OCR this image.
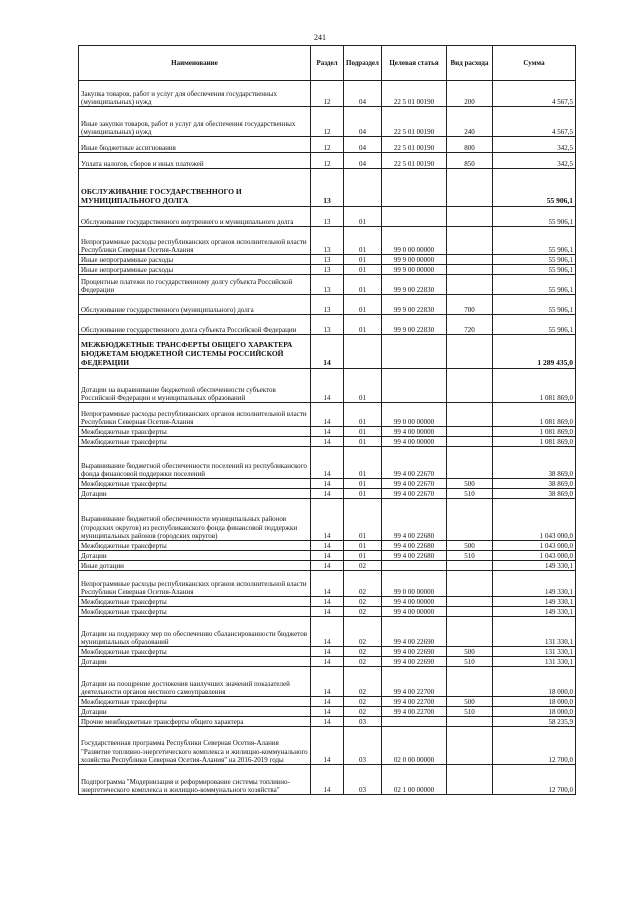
241
Наименование	Раздел	Подраздел	Целевая статья	Вид расхода	Сумма
Закупка товаров, работ и услуг для обеспечения государственных (муниципальных) нужд	12	04	22 5 01 00190	200	4 567,5
Иные закупки товаров, работ и услуг для обеспечения государственных (муниципальных) нужд	12	04	22 5 01 00190	240	4 567,5
Иные бюджетные ассигнования	12	04	22 5 01 00190	800	342,5
Уплата налогов, сборов и иных платежей	12	04	22 5 01 00190	850	342,5
ОБСЛУЖИВАНИЕ ГОСУДАРСТВЕННОГО И МУНИЦИПАЛЬНОГО ДОЛГА	13				55 906,1
Обслуживание государственного внутреннего и муниципального долга	13	01			55 906,1
Непрограммные расходы республиканских органов исполнительной власти Республики Северная Осетия-Алания	13	01	99 0 00 00000		55 906,1
Иные непрограммные расходы	13	01	99 9 00 00000		55 906,1
Иные непрограммные расходы	13	01	99 9 00 00000		55 906,1
Процентные платежи по государственному долгу субъекта Российской Федерации	13	01	99 9 00 22830		55 906,1
Обслуживание государственного (муниципального) долга	13	01	99 9 00 22830	700	55 906,1
Обслуживание государственного долга субъекта Российской Федерации	13	01	99 9 00 22830	720	55 906,1
МЕЖБЮДЖЕТНЫЕ ТРАНСФЕРТЫ ОБЩЕГО ХАРАКТЕРА БЮДЖЕТАМ БЮДЖЕТНОЙ СИСТЕМЫ РОССИЙСКОЙ ФЕДЕРАЦИИ	14				1 289 435,0
Дотации на выравнивание бюджетной обеспеченности субъектов Российской Федерации и муниципальных образований	14	01			1 081 869,0
Непрограммные расходы республиканских органов исполнительной власти Республики Северная Осетия-Алания	14	01	99 0 00 00000		1 081 869,0
Межбюджетные трансферты	14	01	99 4 00 00000		1 081 869,0
Межбюджетные трансферты	14	01	99 4 00 00000		1 081 869,0
Выравнивание бюджетной обеспеченности поселений из республиканского фонда финансовой поддержки поселений	14	01	99 4 00 22670		38 869,0
Межбюджетные трансферты	14	01	99 4 00 22670	500	38 869,0
Дотации	14	01	99 4 00 22670	510	38 869,0
Выравнивание бюджетной обеспеченности муниципальных районов (городских округов) из республиканского фонда финансовой поддержки муниципальных районов (городских округов)	14	01	99 4 00 22680		1 043 000,0
Межбюджетные трансферты	14	01	99 4 00 22680	500	1 043 000,0
Дотации	14	01	99 4 00 22680	510	1 043 000,0
Иные дотации	14	02			149 330,1
Непрограммные расходы республиканских органов исполнительной власти Республики Северная Осетия-Алания	14	02	99 0 00 00000		149 330,1
Межбюджетные трансферты	14	02	99 4 00 00000		149 330,1
Межбюджетные трансферты	14	02	99 4 00 00000		149 330,1
Дотации на поддержку мер по обеспечению сбалансированности бюджетов муниципальных образований	14	02	99 4 00 22690		131 330,1
Межбюджетные трансферты	14	02	99 4 00 22690	500	131 330,1
Дотации	14	02	99 4 00 22690	510	131 330,1
Дотации на поощрение достижения наилучших значений показателей деятельности органов местного самоуправления	14	02	99 4 00 22700		18 000,0
Межбюджетные трансферты	14	02	99 4 00 22700	500	18 000,0
Дотации	14	02	99 4 00 22700	510	18 000,0
Прочие межбюджетные трансферты общего характера	14	03			58 235,9
Государственная программа Республики Северная Осетия-Алания "Развитие топливно-энергетического комплекса и жилищно-коммунального хозяйства Республики Северная Осетия-Алания" на 2016-2019 годы	14	03	02 0 00 00000		12 700,0
Подпрограмма "Модернизация и реформирование системы топливно-энергетического комплекса и жилищно-коммунального хозяйства"	14	03	02 1 00 00000		12 700,0
